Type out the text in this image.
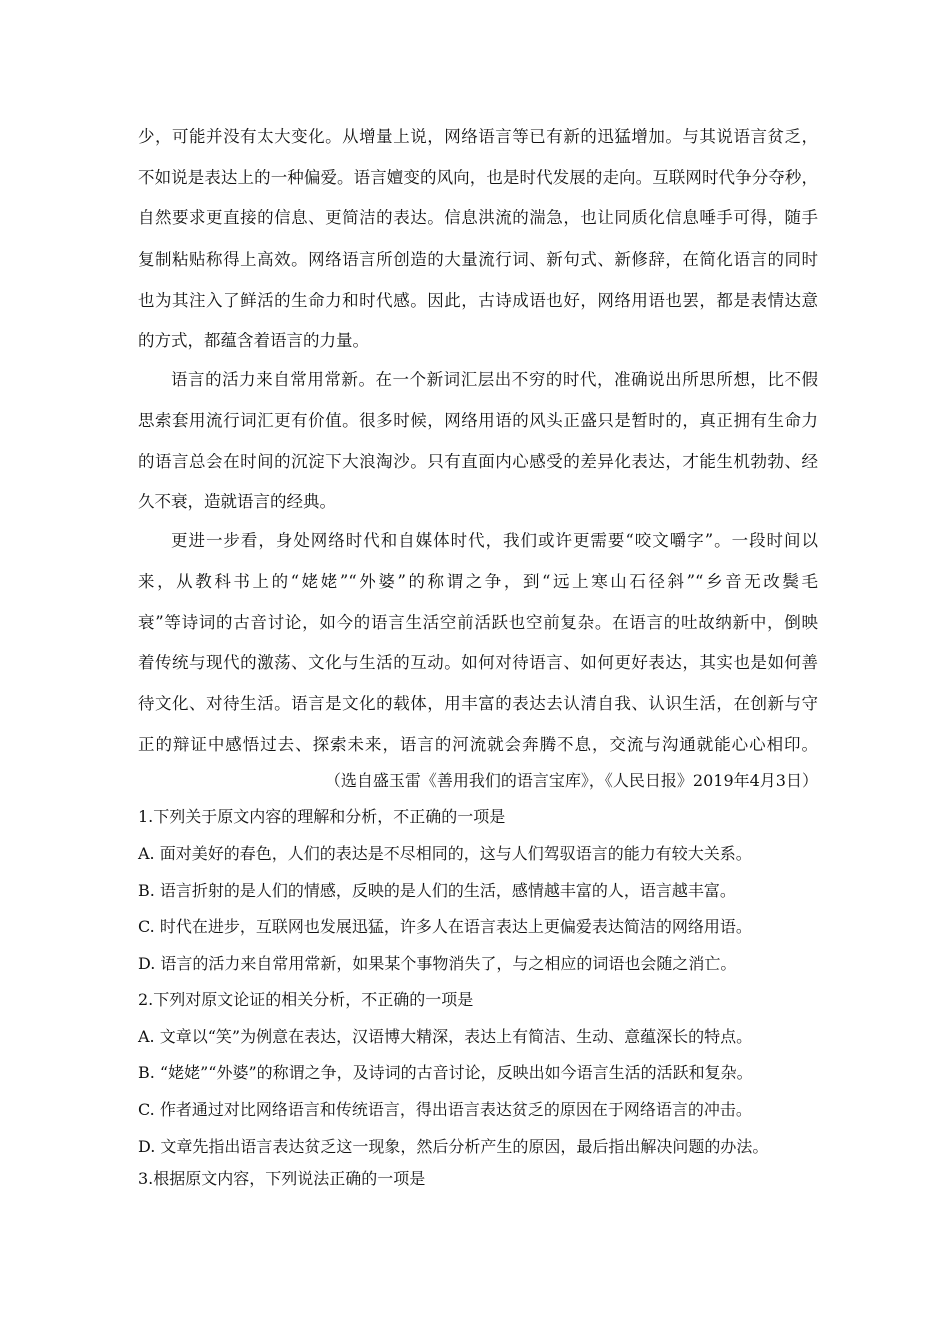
少，可能并没有太大变化。从增量上说，网络语言等已有新的迅猛增加。与其说语言贫乏，
不如说是表达上的一种偏爱。语言嬗变的风向，也是时代发展的走向。互联网时代争分夺秒，
自然要求更直接的信息、更简洁的表达。信息洪流的湍急，也让同质化信息唾手可得，随手
复制粘贴称得上高效。网络语言所创造的大量流行词、新句式、新修辞，在简化语言的同时
也为其注入了鲜活的生命力和时代感。因此，古诗成语也好，网络用语也罢，都是表情达意
的方式，都蕴含着语言的力量。
语言的活力来自常用常新。在一个新词汇层出不穷的时代，准确说出所思所想，比不假
思索套用流行词汇更有价值。很多时候，网络用语的风头正盛只是暂时的，真正拥有生命力
的语言总会在时间的沉淀下大浪淘沙。只有直面内心感受的差异化表达，才能生机勃勃、经
久不衰，造就语言的经典。
更进一步看，身处网络时代和自媒体时代，我们或许更需要“咬文嚼字”。一段时间以
来，从教科书上的“姥姥”“外婆”的称谓之争，到“远上寒山石径斜”“乡音无改鬓毛
衰”等诗词的古音讨论，如今的语言生活空前活跃也空前复杂。在语言的吐故纳新中，倒映
着传统与现代的激荡、文化与生活的互动。如何对待语言、如何更好表达，其实也是如何善
待文化、对待生活。语言是文化的载体，用丰富的表达去认清自我、认识生活，在创新与守
正的辩证中感悟过去、探索未来，语言的河流就会奔腾不息，交流与沟通就能心心相印。
（选自盛玉雷《善用我们的语言宝库》，《人民日报》2019年4月3日）
1.下列关于原文内容的理解和分析，不正确的一项是
A. 面对美好的春色，人们的表达是不尽相同的，这与人们驾驭语言的能力有较大关系。
B. 语言折射的是人们的情感，反映的是人们的生活，感情越丰富的人，语言越丰富。
C. 时代在进步，互联网也发展迅猛，许多人在语言表达上更偏爱表达简洁的网络用语。
D. 语言的活力来自常用常新，如果某个事物消失了，与之相应的词语也会随之消亡。
2.下列对原文论证的相关分析，不正确的一项是
A. 文章以“笑”为例意在表达，汉语博大精深，表达上有简洁、生动、意蕴深长的特点。
B. “姥姥”“外婆”的称谓之争，及诗词的古音讨论，反映出如今语言生活的活跃和复杂。
C. 作者通过对比网络语言和传统语言，得出语言表达贫乏的原因在于网络语言的冲击。
D. 文章先指出语言表达贫乏这一现象，然后分析产生的原因，最后指出解决问题的办法。
3.根据原文内容，下列说法正确的一项是
